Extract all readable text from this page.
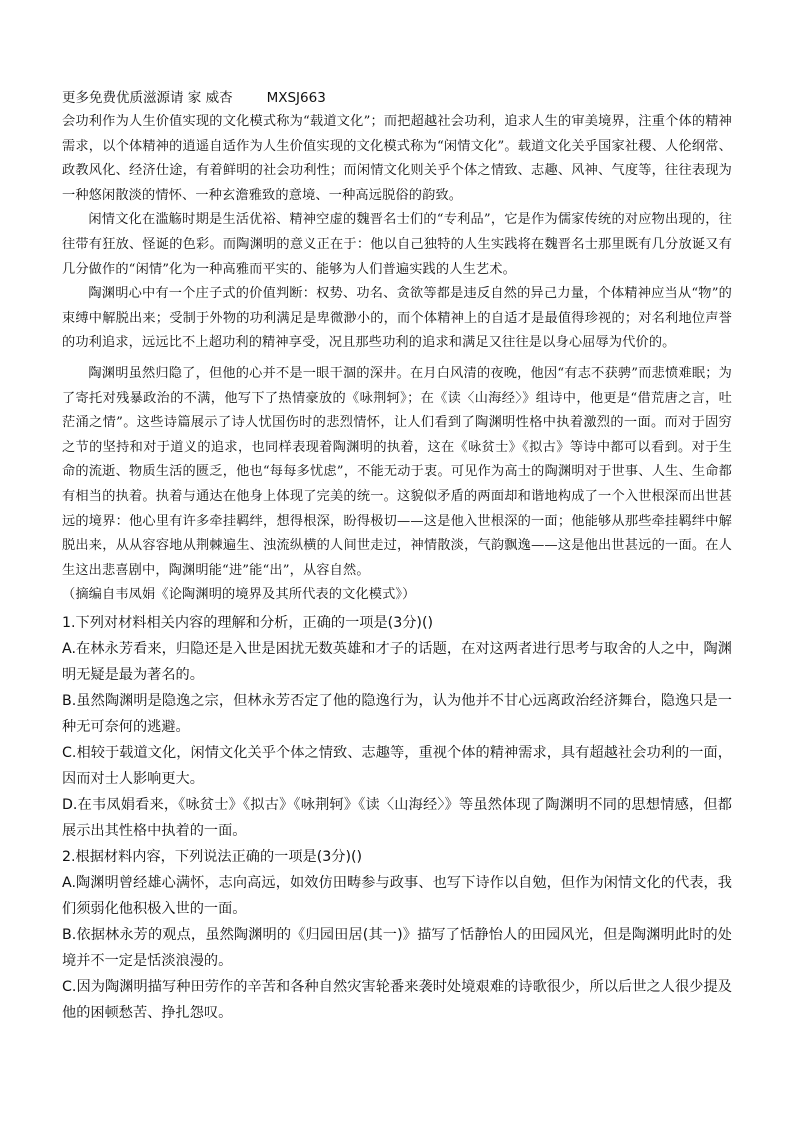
更多免费优质滋源请 家 威杏	MXSJ663

会功利作为人生价值实现的文化模式称为“载道文化”；而把超越社会功利，追求人生的审美境界，注重个体的精神需求，以个体精神的逍遥自适作为人生价值实现的文化模式称为“闲情文化”。载道文化关乎国家社稷、人伦纲常、政教风化、经济仕途，有着鲜明的社会功利性；而闲情文化则关乎个体之情致、志趣、风神、气度等，往往表现为一种悠闲散淡的情怀、一种玄澹雅致的意境、一种高远脱俗的韵致。

闲情文化在滥觞时期是生活优裕、精神空虚的魏晋名士们的“专利品”，它是作为儒家传统的对应物出现的，往往带有狂放、怪诞的色彩。而陶渊明的意义正在于：他以自己独特的人生实践将在魏晋名士那里既有几分放诞又有几分做作的“闲情”化为一种高雅而平实的、能够为人们普遍实践的人生艺术。

陶渊明心中有一个庄子式的价值判断：权势、功名、贪欲等都是违反自然的异己力量，个体精神应当从“物”的束缚中解脱出来；受制于外物的功利满足是卑微渺小的，而个体精神上的自适才是最值得珍视的；对名利地位声誉的功利追求，远远比不上超功利的精神享受，况且那些功利的追求和满足又往往是以身心屈辱为代价的。

陶渊明虽然归隐了，但他的心并不是一眼干涸的深井。在月白风清的夜晚，他因“有志不获骋”而悲愤难眠；为了寄托对残暴政治的不满，他写下了热情豪放的《咏荆轲》；在《读〈山海经〉》组诗中，他更是“借荒唐之言，吐茫涌之情”。这些诗篇展示了诗人忧国伤时的悲烈情怀，让人们看到了陶渊明性格中执着激烈的一面。而对于固穷之节的坚持和对于道义的追求，也同样表现着陶渊明的执着，这在《咏贫士》《拟古》等诗中都可以看到。对于生命的流逝、物质生活的匮乏，他也“每每多忧虑”，不能无动于衷。可见作为高士的陶渊明对于世事、人生、生命都有相当的执着。执着与通达在他身上体现了完美的统一。这貌似矛盾的两面却和谐地构成了一个入世根深而出世甚远的境界：他心里有许多牵挂羁绊，想得根深，盼得极切——这是他入世根深的一面；他能够从那些牵挂羁绊中解脱出来，从从容容地从荆棘遍生、浊流纵横的人间世走过，神情散淡，气韵飘逸——这是他出世甚远的一面。在人生这出悲喜剧中，陶渊明能“进”能“出”，从容自然。

（摘编自韦凤娟《论陶渊明的境界及其所代表的文化模式》）

1.下列对材料相关内容的理解和分析，正确的一项是(3分)()

A.在林永芳看来，归隐还是入世是困扰无数英雄和才子的话题，在对这两者进行思考与取舍的人之中，陶渊明无疑是最为著名的。

B.虽然陶渊明是隐逸之宗，但林永芳否定了他的隐逸行为，认为他并不甘心远离政治经济舞台，隐逸只是一种无可奈何的逃避。

C.相较于载道文化，闲情文化关乎个体之情致、志趣等，重视个体的精神需求，具有超越社会功利的一面，因而对士人影响更大。

D.在韦凤娟看来，《咏贫士》《拟古》《咏荆轲》《读〈山海经〉》等虽然体现了陶渊明不同的思想情感，但都展示出其性格中执着的一面。

2.根据材料内容，下列说法正确的一项是(3分)()

A.陶渊明曾经雄心满怀，志向高远，如效仿田畴参与政事、也写下诗作以自勉，但作为闲情文化的代表，我们须弱化他积极入世的一面。

B.依据林永芳的观点，虽然陶渊明的《归园田居(其一)》描写了恬静怡人的田园风光，但是陶渊明此时的处境并不一定是恬淡浪漫的。

C.因为陶渊明描写种田劳作的辛苦和各种自然灾害轮番来袭时处境艰难的诗歌很少，所以后世之人很少提及他的困顿愁苦、挣扎怨叹。
